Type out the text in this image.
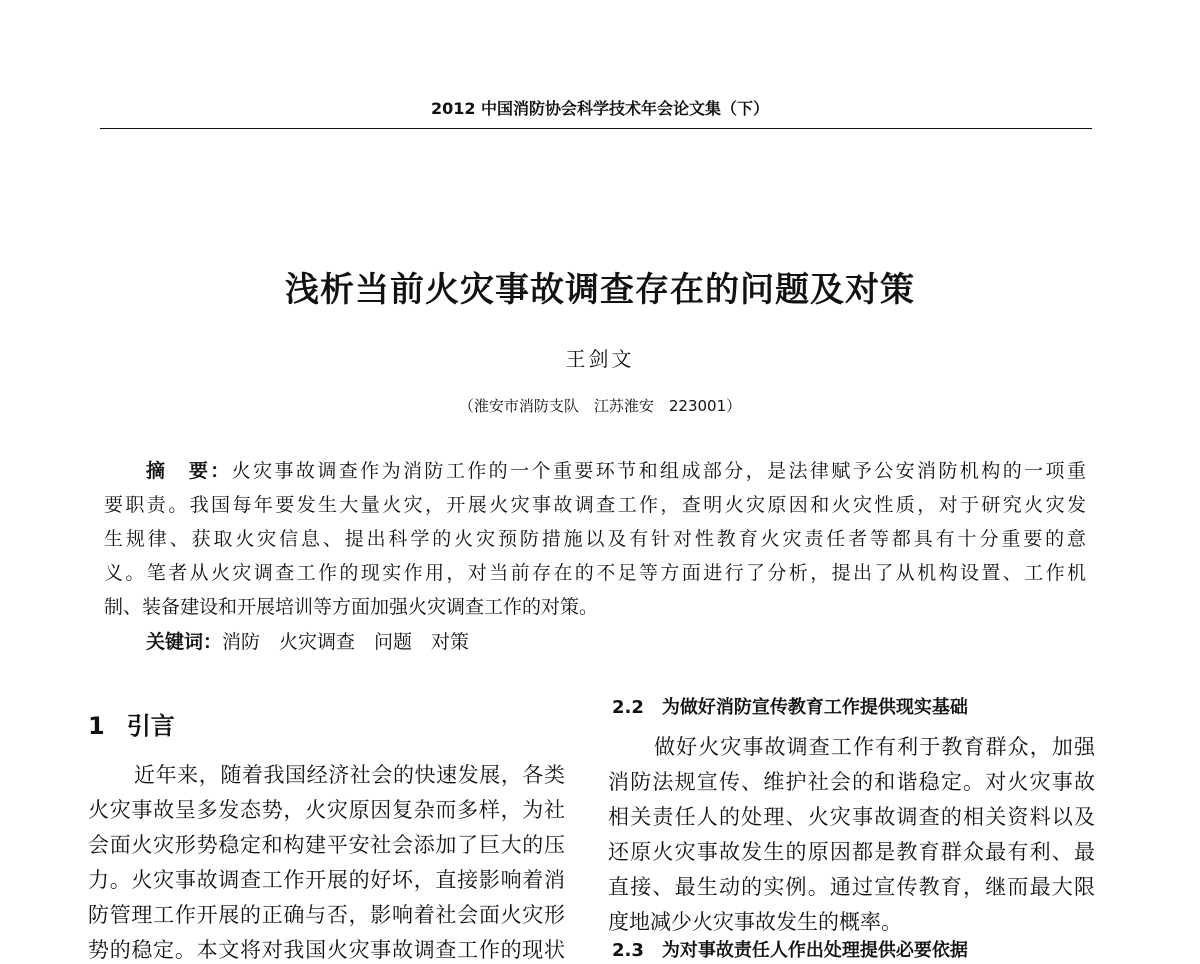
2012 中国消防协会科学技术年会论文集（下）
浅析当前火灾事故调查存在的问题及对策
王剑文
（淮安市消防支队　江苏淮安　223001）
摘　要：火灾事故调查作为消防工作的一个重要环节和组成部分，是法律赋予公安消防机构的一项重
要职责。我国每年要发生大量火灾，开展火灾事故调查工作，查明火灾原因和火灾性质，对于研究火灾发
生规律、获取火灾信息、提出科学的火灾预防措施以及有针对性教育火灾责任者等都具有十分重要的意
义。笔者从火灾调查工作的现实作用，对当前存在的不足等方面进行了分析，提出了从机构设置、工作机
制、装备建设和开展培训等方面加强火灾调查工作的对策。
关键词：消防　火灾调查　问题　对策
1 引言
近年来，随着我国经济社会的快速发展，各类
火灾事故呈多发态势，火灾原因复杂而多样，为社
会面火灾形势稳定和构建平安社会添加了巨大的压
力。火灾事故调查工作开展的好坏，直接影响着消
防管理工作开展的正确与否，影响着社会面火灾形
势的稳定。本文将对我国火灾事故调查工作的现状
2.2 为做好消防宣传教育工作提供现实基础
做好火灾事故调查工作有利于教育群众，加强
消防法规宣传、维护社会的和谐稳定。对火灾事故
相关责任人的处理、火灾事故调查的相关资料以及
还原火灾事故发生的原因都是教育群众最有利、最
直接、最生动的实例。通过宣传教育，继而最大限
度地减少火灾事故发生的概率。
2.3 为对事故责任人作出处理提供必要依据
